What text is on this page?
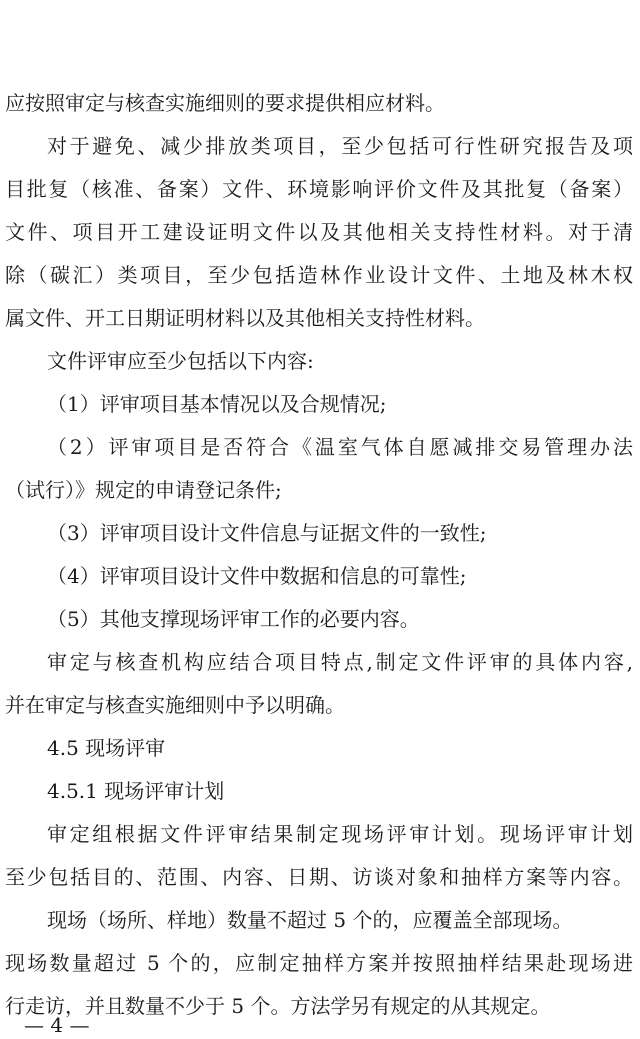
应按照审定与核查实施细则的要求提供相应材料。
对于避免、减少排放类项目，至少包括可行性研究报告及项
目批复（核准、备案）文件、环境影响评价文件及其批复（备案）
文件、项目开工建设证明文件以及其他相关支持性材料。对于清
除（碳汇）类项目，至少包括造林作业设计文件、土地及林木权
属文件、开工日期证明材料以及其他相关支持性材料。
文件评审应至少包括以下内容:
（1）评审项目基本情况以及合规情况;
（2）评审项目是否符合《温室气体自愿减排交易管理办法
（试行）》规定的申请登记条件;
（3）评审项目设计文件信息与证据文件的一致性;
（4）评审项目设计文件中数据和信息的可靠性;
（5）其他支撑现场评审工作的必要内容。
审定与核查机构应结合项目特点,制定文件评审的具体内容,
并在审定与核查实施细则中予以明确。
4.5 现场评审
4.5.1 现场评审计划
审定组根据文件评审结果制定现场评审计划。现场评审计划
至少包括目的、范围、内容、日期、访谈对象和抽样方案等内容。
现场（场所、样地）数量不超过 5 个的，应覆盖全部现场。
现场数量超过 5 个的，应制定抽样方案并按照抽样结果赴现场进
行走访，并且数量不少于 5 个。方法学另有规定的从其规定。
— 4 —
